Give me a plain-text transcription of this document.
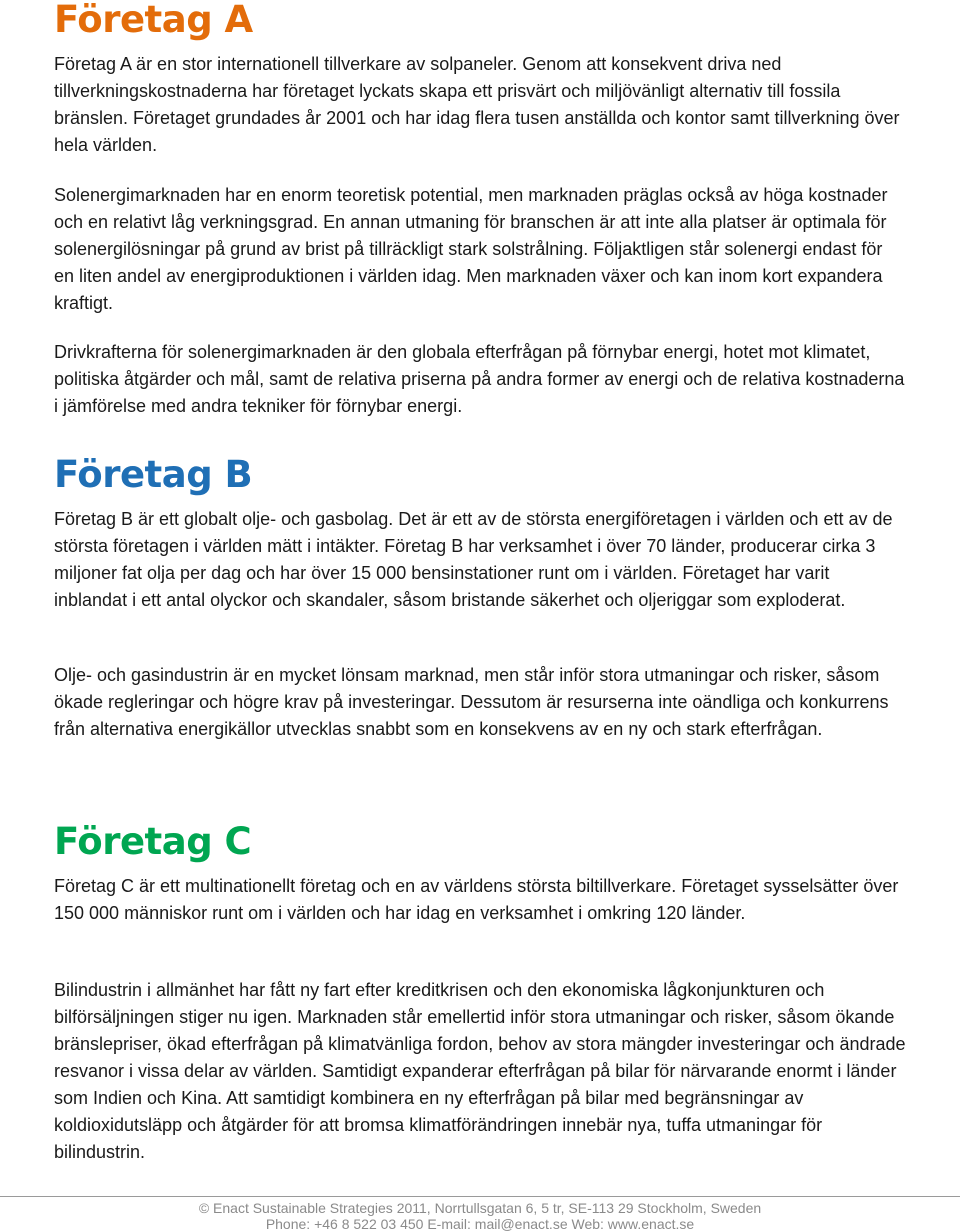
Företag A

Företag A är en stor internationell tillverkare av solpaneler. Genom att konsekvent driva ned tillverkningskostnaderna har företaget lyckats skapa ett prisvärt och miljövänligt alternativ till fossila bränslen. Företaget grundades år 2001 och har idag flera tusen anställda och kontor samt tillverkning över hela världen.

Solenergimarknaden har en enorm teoretisk potential, men marknaden präglas också av höga kostnader och en relativt låg verkningsgrad. En annan utmaning för branschen är att inte alla platser är optimala för solenergilösningar på grund av brist på tillräckligt stark solstrålning. Följaktligen står solenergi endast för en liten andel av energiproduktionen i världen idag. Men marknaden växer och kan inom kort expandera kraftigt.

Drivkrafterna för solenergimarknaden är den globala efterfrågan på förnybar energi, hotet mot klimatet, politiska åtgärder och mål, samt de relativa priserna på andra former av energi och de relativa kostnaderna i jämförelse med andra tekniker för förnybar energi.

Företag B

Företag B är ett globalt olje- och gasbolag. Det är ett av de största energiföretagen i världen och ett av de största företagen i världen mätt i intäkter. Företag B har verksamhet i över 70 länder, producerar cirka 3 miljoner fat olja per dag och har över 15 000 bensinstationer runt om i världen. Företaget har varit inblandat i ett antal olyckor och skandaler, såsom bristande säkerhet och oljeriggar som exploderat.

Olje- och gasindustrin är en mycket lönsam marknad, men står inför stora utmaningar och risker, såsom ökade regleringar och högre krav på investeringar. Dessutom är resurserna inte oändliga och konkurrens från alternativa energikällor utvecklas snabbt som en konsekvens av en ny och stark efterfrågan.

Företag C

Företag C är ett multinationellt företag och en av världens största biltillverkare. Företaget sysselsätter över 150 000 människor runt om i världen och har idag en verksamhet i omkring 120 länder.

Bilindustrin i allmänhet har fått ny fart efter kreditkrisen och den ekonomiska lågkonjunkturen och bilförsäljningen stiger nu igen. Marknaden står emellertid inför stora utmaningar och risker, såsom ökande bränslepriser, ökad efterfrågan på klimatvänliga fordon, behov av stora mängder investeringar och ändrade resvanor i vissa delar av världen. Samtidigt expanderar efterfrågan på bilar för närvarande enormt i länder som Indien och Kina. Att samtidigt kombinera en ny efterfrågan på bilar med begränsningar av koldioxidutsläpp och åtgärder för att bromsa klimatförändringen innebär nya, tuffa utmaningar för bilindustrin.

© Enact Sustainable Strategies 2011, Norrtullsgatan 6, 5 tr, SE-113 29 Stockholm, Sweden
Phone: +46 8 522 03 450 E-mail: mail@enact.se Web: www.enact.se
